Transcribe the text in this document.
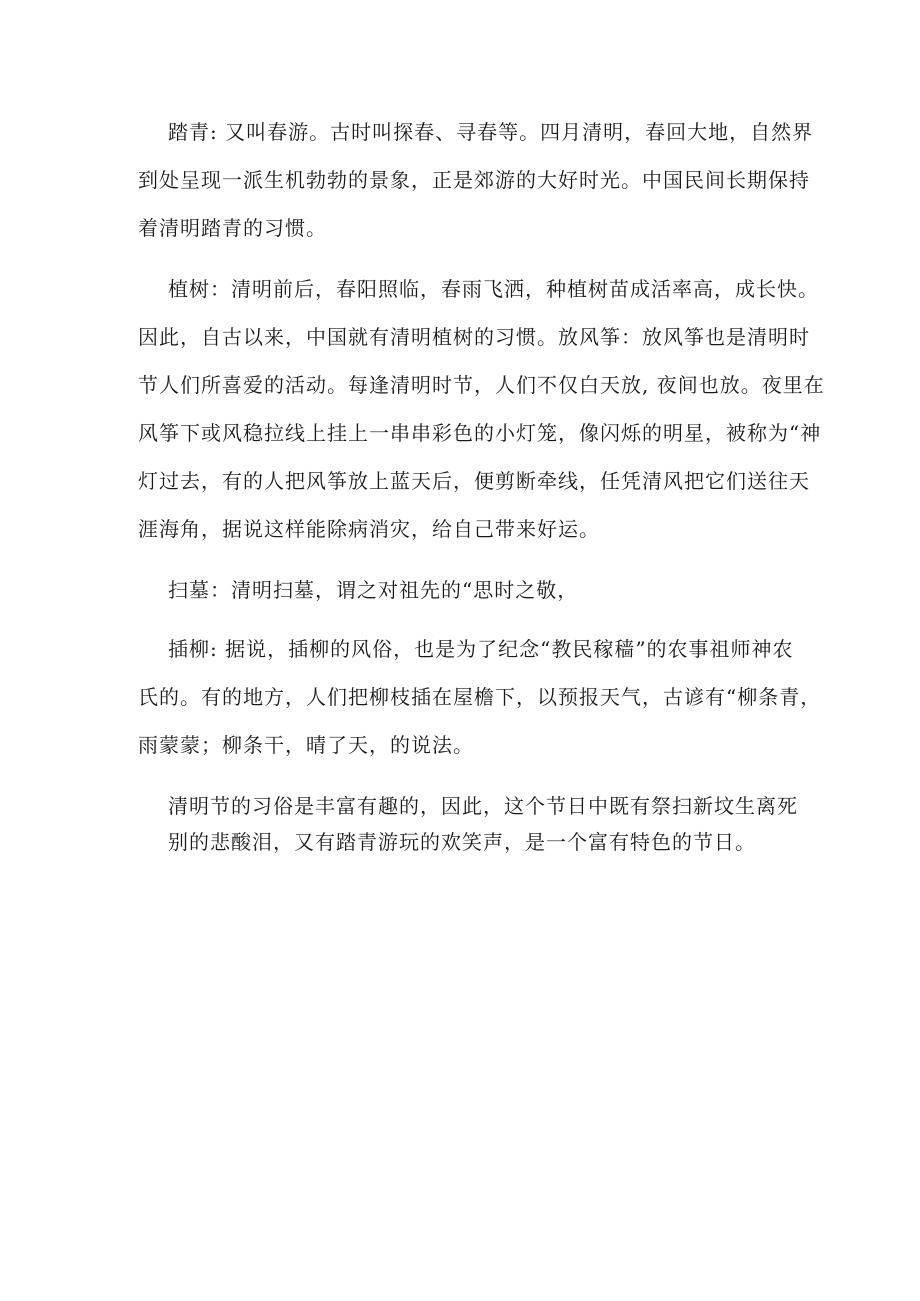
踏青: 又叫春游。古时叫探春、寻春等。四月清明，春回大地，自然界
到处呈现一派生机勃勃的景象，正是郊游的大好时光。中国民间长期保持
着清明踏青的习惯。
植树：清明前后，春阳照临，春雨飞洒，种植树苗成活率高，成长快。
因此，自古以来，中国就有清明植树的习惯。放风筝：放风筝也是清明时
节人们所喜爱的活动。每逢清明时节，人们不仅白天放, 夜间也放。夜里在
风筝下或风稳拉线上挂上一串串彩色的小灯笼，像闪烁的明星，被称为“神
灯过去，有的人把风筝放上蓝天后，便剪断牵线，任凭清风把它们送往天
涯海角，据说这样能除病消灾，给自己带来好运。
扫墓：清明扫墓，谓之对祖先的“思时之敬，
插柳: 据说，插柳的风俗，也是为了纪念“教民稼穑”的农事祖师神农
氏的。有的地方，人们把柳枝插在屋檐下，以预报天气，古谚有“柳条青，
雨蒙蒙；柳条干，晴了天，的说法。
清明节的习俗是丰富有趣的，因此，这个节日中既有祭扫新坟生离死
别的悲酸泪，又有踏青游玩的欢笑声，是一个富有特色的节日。
